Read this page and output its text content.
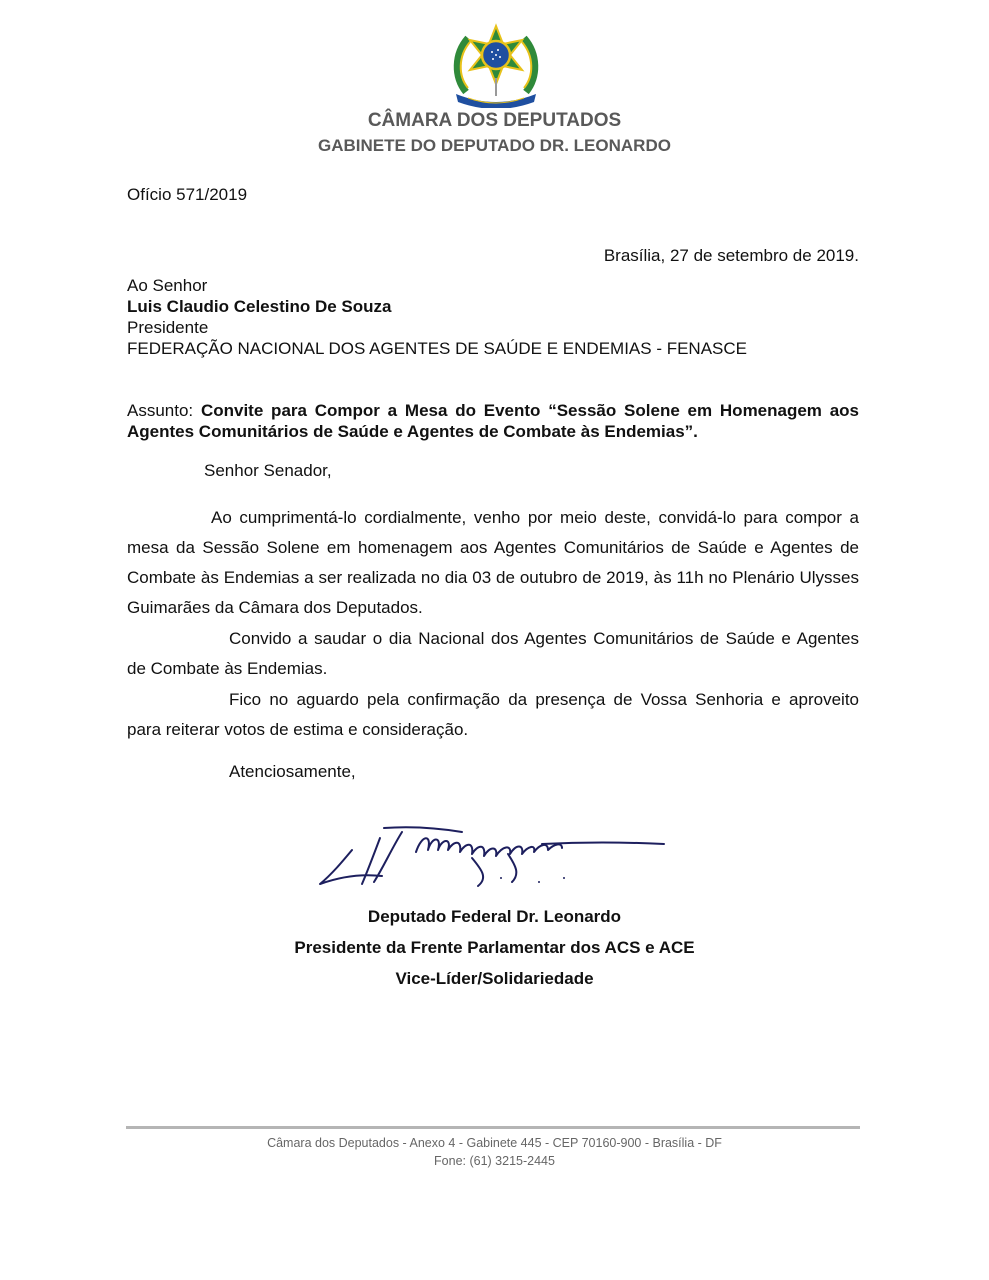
CÂMARA DOS DEPUTADOS
GABINETE DO DEPUTADO DR. LEONARDO
Ofício 571/2019
Brasília, 27 de setembro de 2019.
Ao Senhor
Luis Claudio Celestino De Souza
Presidente
FEDERAÇÃO NACIONAL DOS AGENTES DE SAÚDE E ENDEMIAS - FENASCE
Assunto: Convite para Compor a Mesa do Evento “Sessão Solene em Homenagem aos Agentes Comunitários de Saúde e Agentes de Combate às Endemias”.
Senhor Senador,
Ao cumprimentá-lo cordialmente, venho por meio deste, convidá-lo para compor a mesa da Sessão Solene em homenagem aos Agentes Comunitários de Saúde e Agentes de Combate às Endemias a ser realizada no dia 03 de outubro de 2019, às 11h no Plenário Ulysses Guimarães da Câmara dos Deputados.
Convido a saudar o dia Nacional dos Agentes Comunitários de Saúde e Agentes de Combate às Endemias.
Fico no aguardo pela confirmação da presença de Vossa Senhoria e aproveito para reiterar votos de estima e consideração.
Atenciosamente,
Deputado Federal Dr. Leonardo
Presidente da Frente Parlamentar dos ACS e ACE
Vice-Líder/Solidariedade
Câmara dos Deputados - Anexo 4 - Gabinete 445 - CEP 70160-900 - Brasília - DF
Fone: (61) 3215-2445
